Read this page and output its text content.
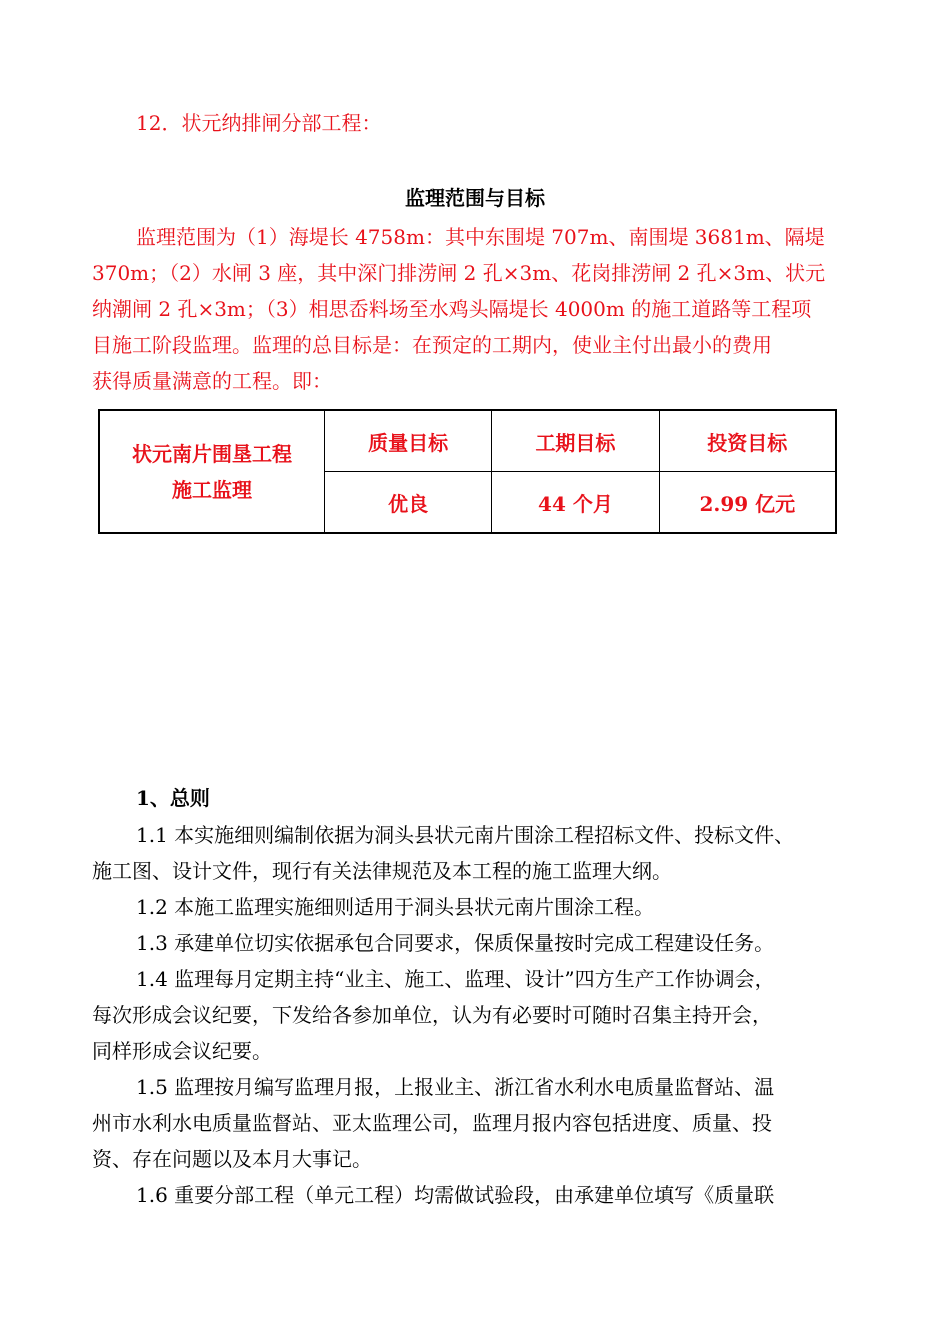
12．状元纳排闸分部工程：
监理范围与目标
监理范围为（1）海堤长 4758m：其中东围堤 707m、南围堤 3681m、隔堤
370m；（2）水闸 3 座，其中深门排涝闸 2 孔×3m、花岗排涝闸 2 孔×3m、状元
纳潮闸 2 孔×3m；（3）相思岙料场至水鸡头隔堤长 4000m 的施工道路等工程项
目施工阶段监理。监理的总目标是：在预定的工期内，使业主付出最小的费用
获得质量满意的工程。即：
状元南片围垦工程
施工监理	质量目标	工期目标	投资目标
	优良	44 个月	2.99 亿元
1、总则
1.1 本实施细则编制依据为洞头县状元南片围涂工程招标文件、投标文件、
施工图、设计文件，现行有关法律规范及本工程的施工监理大纲。
1.2 本施工监理实施细则适用于洞头县状元南片围涂工程。
1.3 承建单位切实依据承包合同要求，保质保量按时完成工程建设任务。
1.4 监理每月定期主持“业主、施工、监理、设计”四方生产工作协调会，
每次形成会议纪要，下发给各参加单位，认为有必要时可随时召集主持开会，
同样形成会议纪要。
1.5 监理按月编写监理月报，上报业主、浙江省水利水电质量监督站、温
州市水利水电质量监督站、亚太监理公司，监理月报内容包括进度、质量、投
资、存在问题以及本月大事记。
1.6 重要分部工程（单元工程）均需做试验段，由承建单位填写《质量联
